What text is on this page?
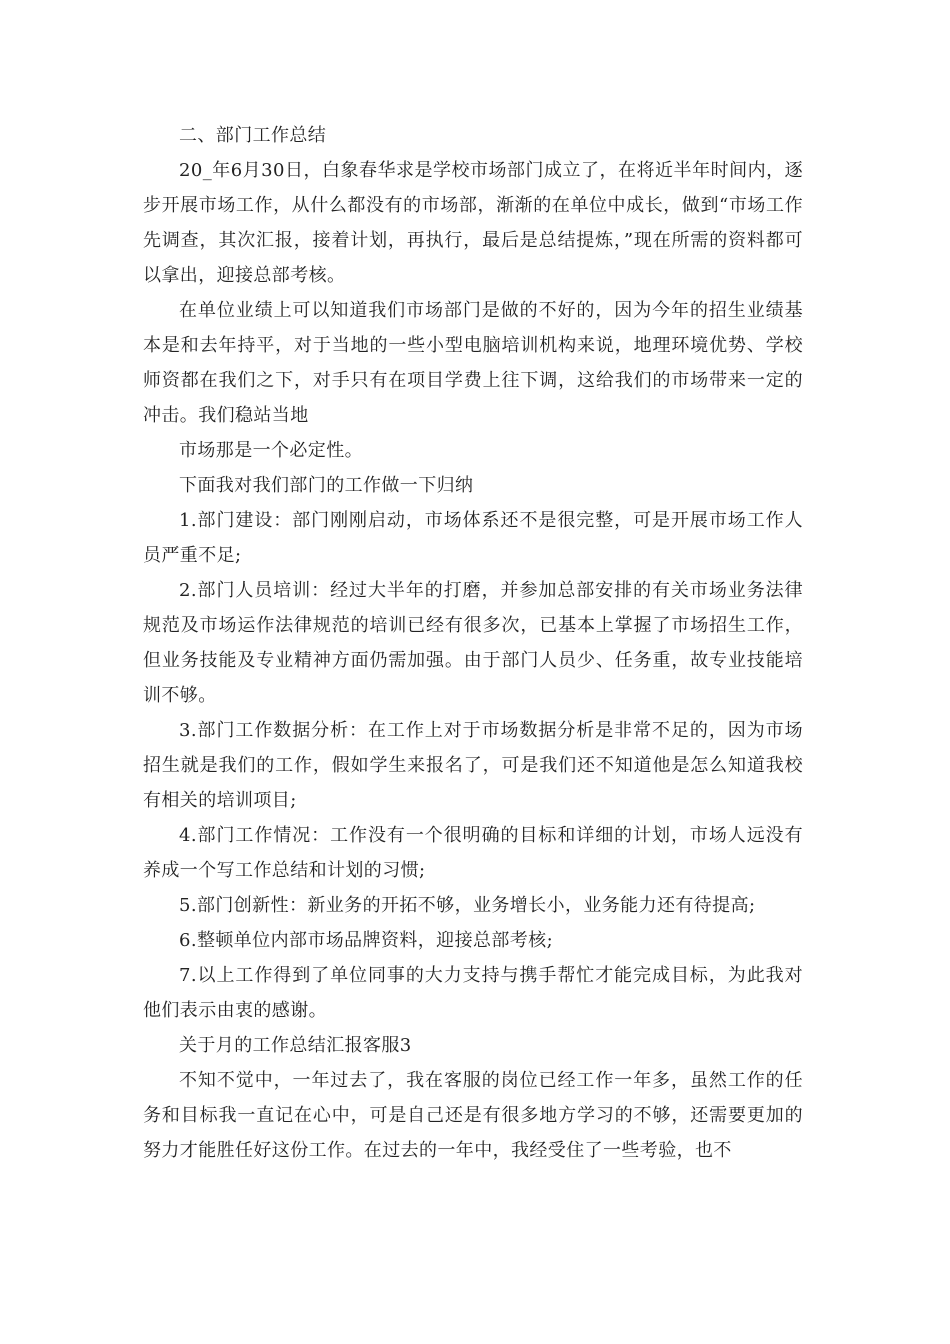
二、部门工作总结

20_年6月30日，白象春华求是学校市场部门成立了，在将近半年时间内，逐步开展市场工作，从什么都没有的市场部，渐渐的在单位中成长，做到“市场工作先调查，其次汇报，接着计划，再执行，最后是总结提炼，”现在所需的资料都可以拿出，迎接总部考核。

在单位业绩上可以知道我们市场部门是做的不好的，因为今年的招生业绩基本是和去年持平，对于当地的一些小型电脑培训机构来说，地理环境优势、学校师资都在我们之下，对手只有在项目学费上往下调，这给我们的市场带来一定的冲击。我们稳站当地

市场那是一个必定性。

下面我对我们部门的工作做一下归纳

1.部门建设：部门刚刚启动，市场体系还不是很完整，可是开展市场工作人员严重不足;

2.部门人员培训：经过大半年的打磨，并参加总部安排的有关市场业务法律规范及市场运作法律规范的培训已经有很多次，已基本上掌握了市场招生工作，但业务技能及专业精神方面仍需加强。由于部门人员少、任务重，故专业技能培训不够。

3.部门工作数据分析：在工作上对于市场数据分析是非常不足的，因为市场招生就是我们的工作，假如学生来报名了，可是我们还不知道他是怎么知道我校有相关的培训项目;

4.部门工作情况：工作没有一个很明确的目标和详细的计划，市场人远没有养成一个写工作总结和计划的习惯;

5.部门创新性：新业务的开拓不够，业务增长小，业务能力还有待提高;

6.整顿单位内部市场品牌资料，迎接总部考核;

7.以上工作得到了单位同事的大力支持与携手帮忙才能完成目标，为此我对他们表示由衷的感谢。

关于月的工作总结汇报客服3

不知不觉中，一年过去了，我在客服的岗位已经工作一年多，虽然工作的任务和目标我一直记在心中，可是自己还是有很多地方学习的不够，还需要更加的努力才能胜任好这份工作。在过去的一年中，我经受住了一些考验，也不
